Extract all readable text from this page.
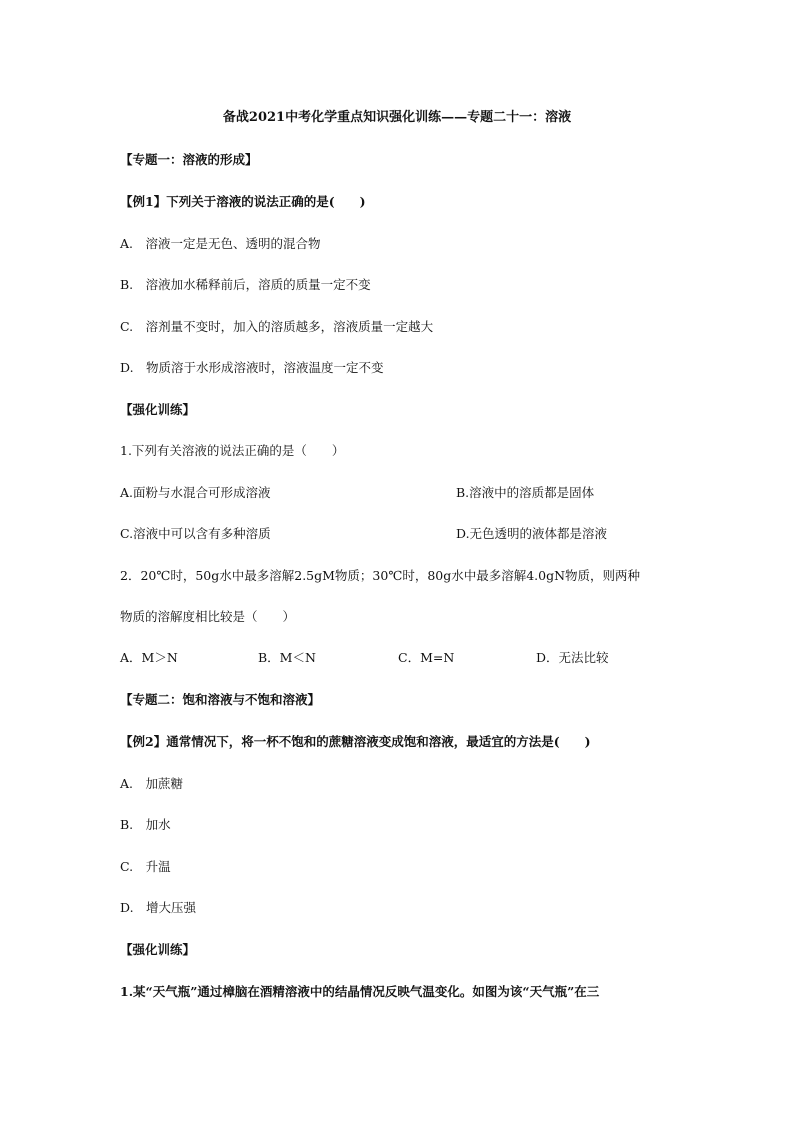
备战2021中考化学重点知识强化训练——专题二十一：溶液

【专题一：溶液的形成】

【例1】下列关于溶液的说法正确的是(　　)

A.　溶液一定是无色、透明的混合物

B.　溶液加水稀释前后，溶质的质量一定不变

C.　溶剂量不变时，加入的溶质越多，溶液质量一定越大

D.　物质溶于水形成溶液时，溶液温度一定不变

【强化训练】

1.下列有关溶液的说法正确的是（　　）

A.面粉与水混合可形成溶液	B.溶液中的溶质都是固体

C.溶液中可以含有多种溶质	D.无色透明的液体都是溶液

2．20℃时，50g水中最多溶解2.5gM物质；30℃时，80g水中最多溶解4.0gN物质，则两种

物质的溶解度相比较是（　　）

A．M＞N	B．M＜N	C．M=N	D．无法比较

【专题二：饱和溶液与不饱和溶液】

【例2】通常情况下，将一杯不饱和的蔗糖溶液变成饱和溶液，最适宜的方法是(　　)

A.　加蔗糖

B.　加水

C.　升温

D.　增大压强

【强化训练】

1.某“天气瓶”通过樟脑在酒精溶液中的结晶情况反映气温变化。如图为该“天气瓶”在三
